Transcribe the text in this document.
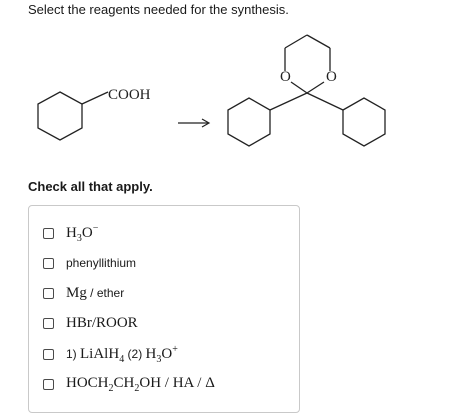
Select the reagents needed for the synthesis.
COOH
O O
Check all that apply.
$H_3O^-$
phenyllithium
Mg / ether
HBr/ROOR
1) LiAlH$_4$ (2) $H_3O^+$
$HOCH_2CH_2OH$ / HA / Δ
